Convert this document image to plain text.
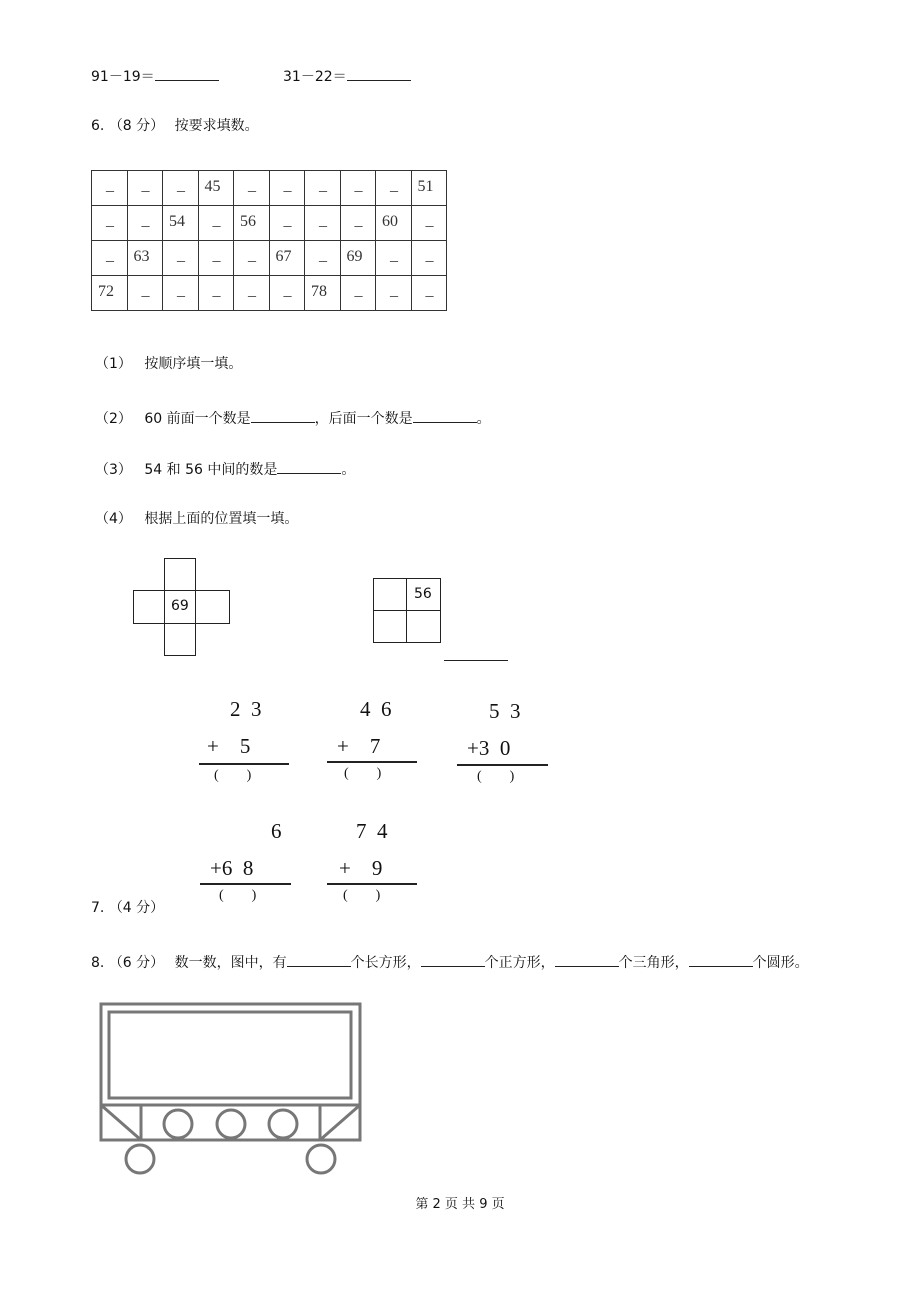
91－19＝	31－22＝
6. （8 分） 按要求填数。
_	_	_	45	_	_	_	_	_	51

_	_	54	_	56	_	_	_	60	_

_	63	_	_	_	67	_	69	_	_

72	_	_	_	_	_	78	_	_	_
（1） 按顺序填一填。
（2） 60 前面一个数是	，后面一个数是	。
（3） 54 和 56 中间的数是	。
（4） 根据上面的位置填一填。
69
56
2  3
+    5
(        )
4  6
+    7
(        )
5  3
+3  0
(        )
6
+6  8
(        )
7  4
+    9
(        )
7. （4 分）
8. （6 分） 数一数，图中，有	个长方形，	个正方形，	个三角形，	个圆形。
第 2 页 共 9 页
